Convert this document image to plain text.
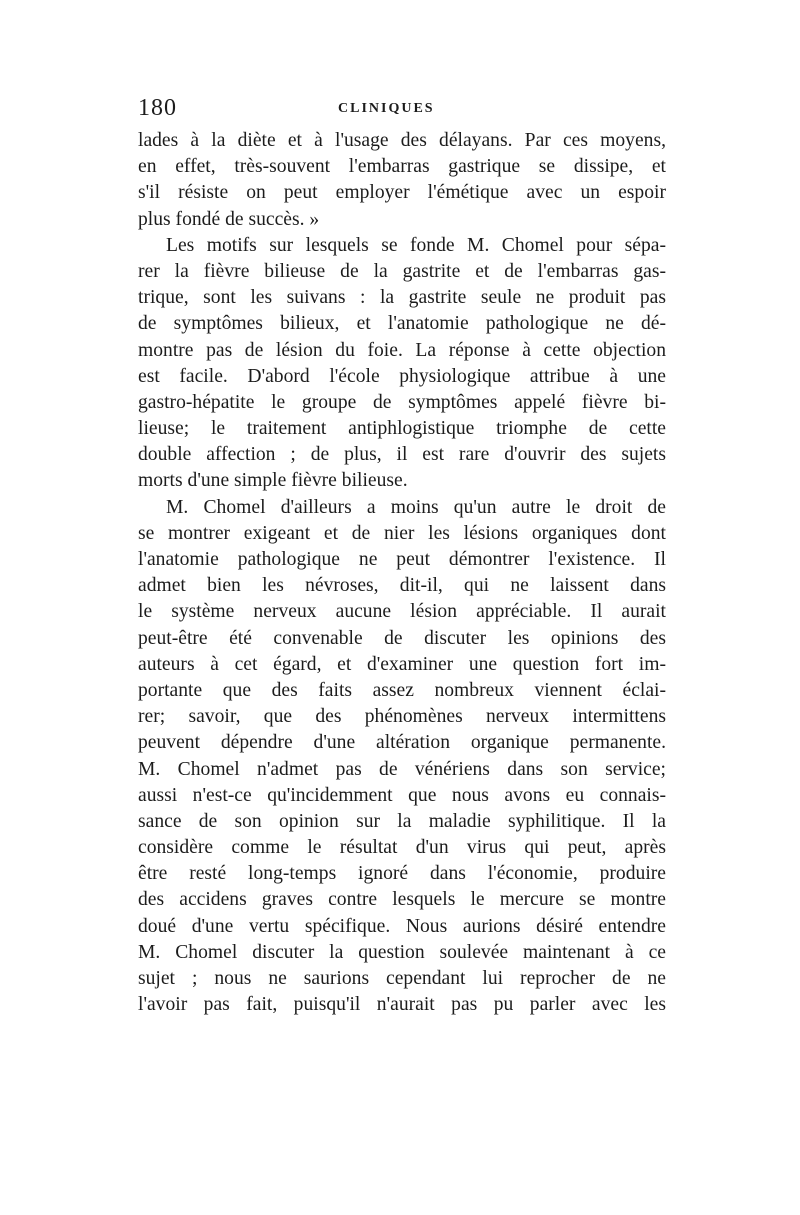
180	CLINIQUES
lades à la diète et à l'usage des délayans. Par ces moyens,
en effet, très-souvent l'embarras gastrique se dissipe, et
s'il résiste on peut employer l'émétique avec un espoir
plus fondé de succès. »
Les motifs sur lesquels se fonde M. Chomel pour sépa-
rer la fièvre bilieuse de la gastrite et de l'embarras gas-
trique, sont les suivans : la gastrite seule ne produit pas
de symptômes bilieux, et l'anatomie pathologique ne dé-
montre pas de lésion du foie. La réponse à cette objection
est facile. D'abord l'école physiologique attribue à une
gastro-hépatite le groupe de symptômes appelé fièvre bi-
lieuse; le traitement antiphlogistique triomphe de cette
double affection ; de plus, il est rare d'ouvrir des sujets
morts d'une simple fièvre bilieuse.
M. Chomel d'ailleurs a moins qu'un autre le droit de
se montrer exigeant et de nier les lésions organiques dont
l'anatomie pathologique ne peut démontrer l'existence. Il
admet bien les névroses, dit-il, qui ne laissent dans
le système nerveux aucune lésion appréciable. Il aurait
peut-être été convenable de discuter les opinions des
auteurs à cet égard, et d'examiner une question fort im-
portante que des faits assez nombreux viennent éclai-
rer; savoir, que des phénomènes nerveux intermittens
peuvent dépendre d'une altération organique permanente.
M. Chomel n'admet pas de vénériens dans son service;
aussi n'est-ce qu'incidemment que nous avons eu connais-
sance de son opinion sur la maladie syphilitique. Il la
considère comme le résultat d'un virus qui peut, après
être resté long-temps ignoré dans l'économie, produire
des accidens graves contre lesquels le mercure se montre
doué d'une vertu spécifique. Nous aurions désiré entendre
M. Chomel discuter la question soulevée maintenant à ce
sujet ; nous ne saurions cependant lui reprocher de ne
l'avoir pas fait, puisqu'il n'aurait pas pu parler avec les
